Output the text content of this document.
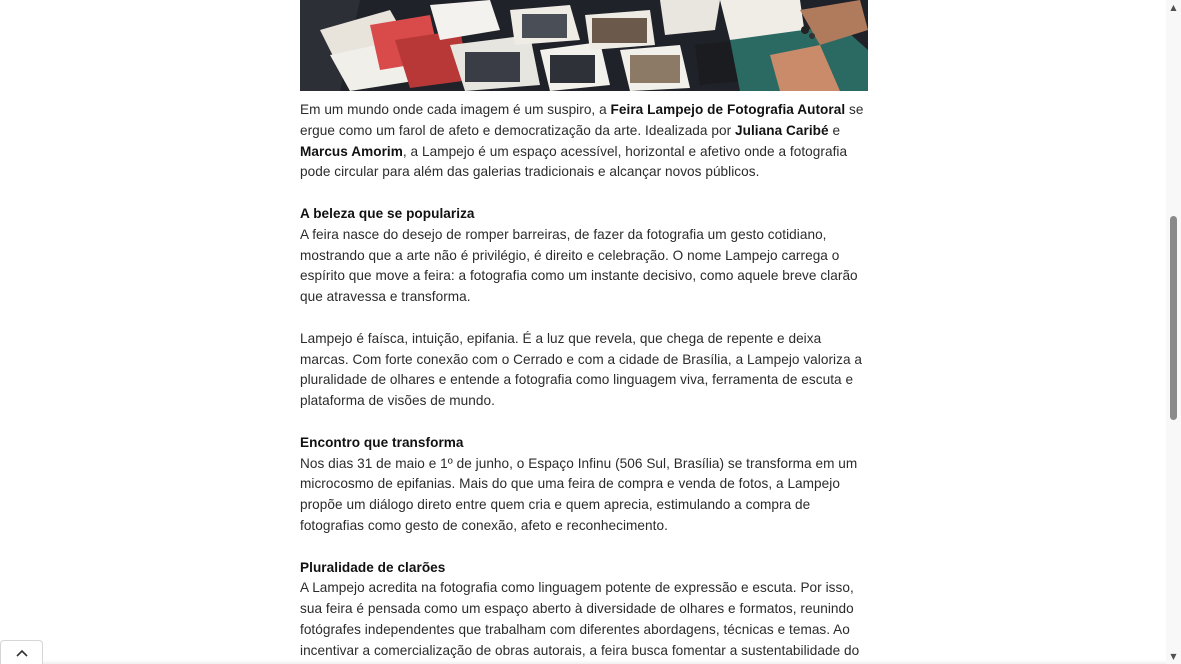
Em um mundo onde cada imagem é um suspiro, a Feira Lampejo de Fotografia Autoral se ergue como um farol de afeto e democratização da arte. Idealizada por Juliana Caribé e Marcus Amorim, a Lampejo é um espaço acessível, horizontal e afetivo onde a fotografia pode circular para além das galerias tradicionais e alcançar novos públicos.

A beleza que se populariza

A feira nasce do desejo de romper barreiras, de fazer da fotografia um gesto cotidiano, mostrando que a arte não é privilégio, é direito e celebração. O nome Lampejo carrega o espírito que move a feira: a fotografia como um instante decisivo, como aquele breve clarão que atravessa e transforma.

Lampejo é faísca, intuição, epifania. É a luz que revela, que chega de repente e deixa marcas. Com forte conexão com o Cerrado e com a cidade de Brasília, a Lampejo valoriza a pluralidade de olhares e entende a fotografia como linguagem viva, ferramenta de escuta e plataforma de visões de mundo.

Encontro que transforma

Nos dias 31 de maio e 1º de junho, o Espaço Infinu (506 Sul, Brasília) se transforma em um microcosmo de epifanias. Mais do que uma feira de compra e venda de fotos, a Lampejo propõe um diálogo direto entre quem cria e quem aprecia, estimulando a compra de fotografias como gesto de conexão, afeto e reconhecimento.

Pluralidade de clarões

A Lampejo acredita na fotografia como linguagem potente de expressão e escuta. Por isso, sua feira é pensada como um espaço aberto à diversidade de olhares e formatos, reunindo fotógrafes independentes que trabalham com diferentes abordagens, técnicas e temas. Ao incentivar a comercialização de obras autorais, a feira busca fomentar a sustentabilidade do

▲
▼
